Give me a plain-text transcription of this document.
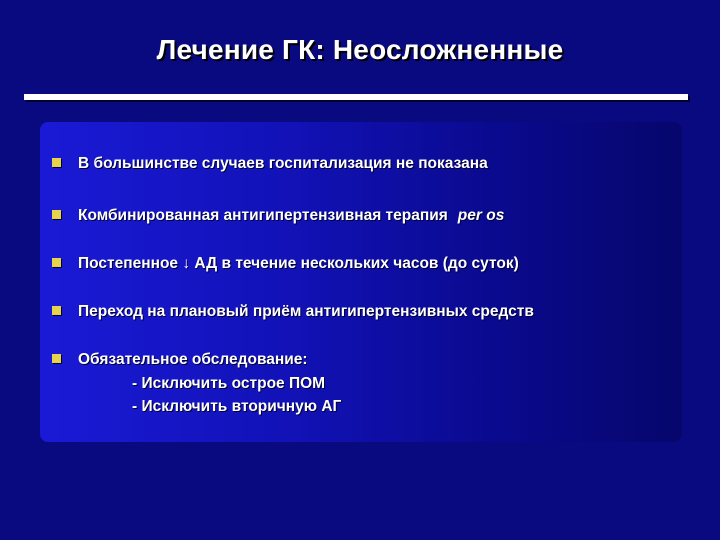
Лечение ГК: Неосложненные
В большинстве случаев госпитализация не показана
Комбинированная антигипертензивная терапия per os
Постепенное ↓ АД в течение нескольких часов (до суток)
Переход на плановый приём антигипертензивных средств
Обязательное обследование:
- Исключить острое ПОМ
- Исключить вторичную АГ
